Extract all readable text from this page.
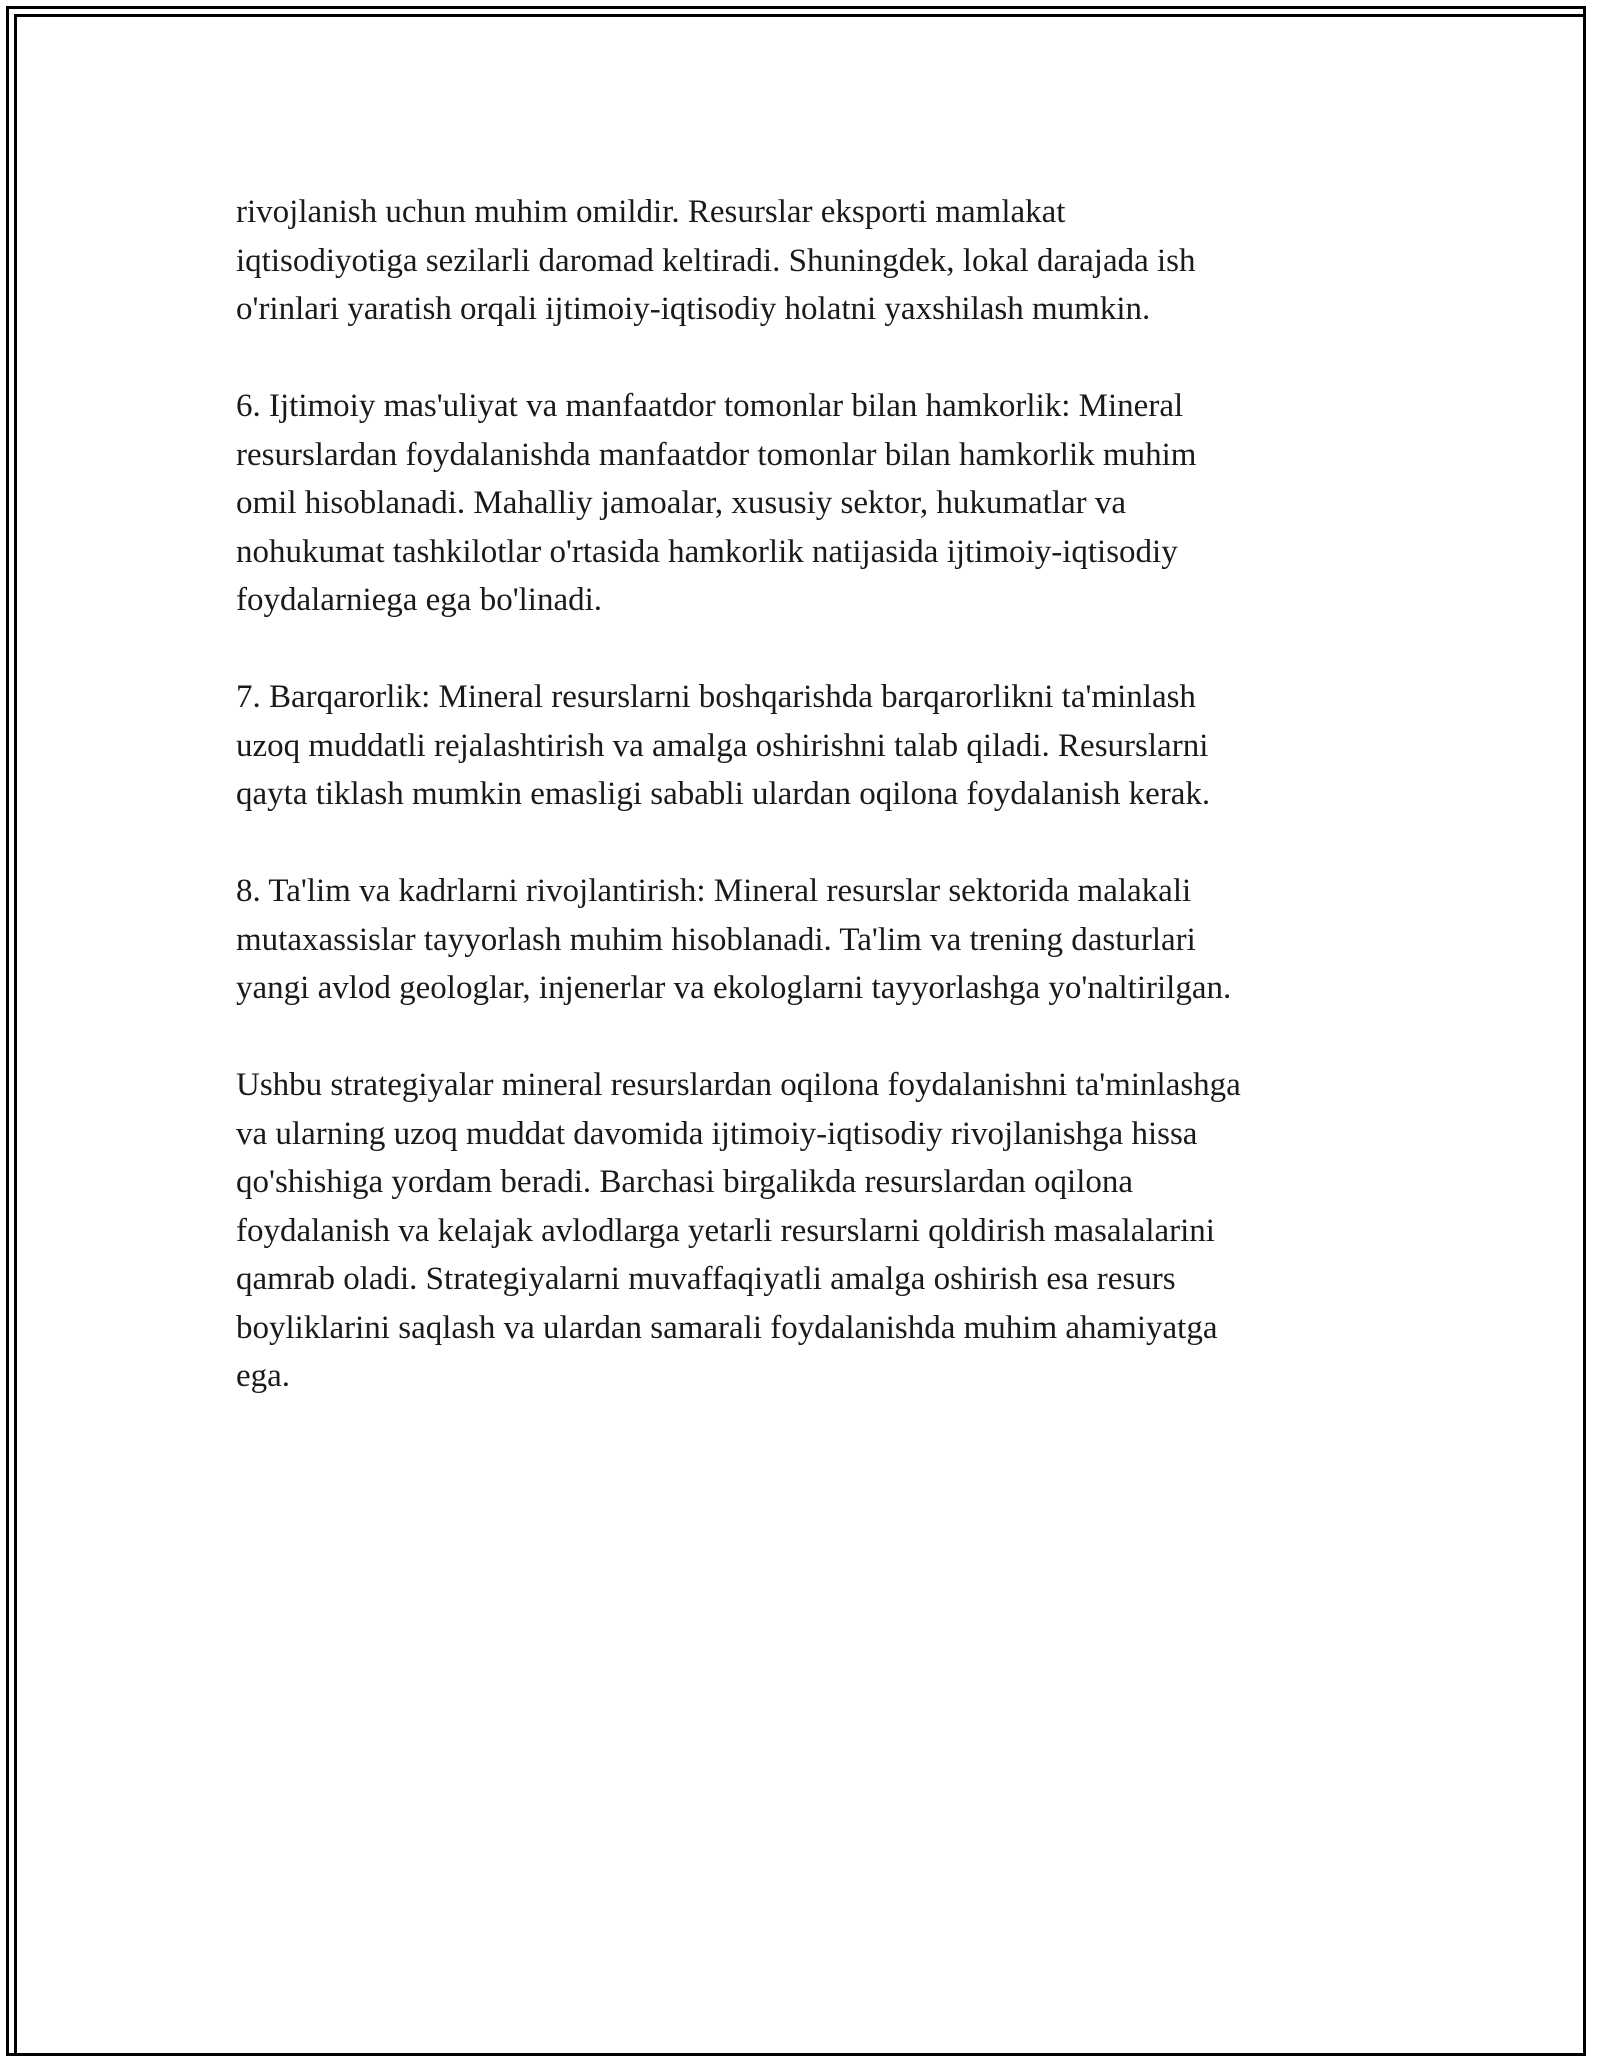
rivojlanish uchun muhim omildir. Resurslar eksporti mamlakat
iqtisodiyotiga sezilarli daromad keltiradi. Shuningdek, lokal darajada ish
o'rinlari yaratish orqali ijtimoiy-iqtisodiy holatni yaxshilash mumkin.

6. Ijtimoiy mas'uliyat va manfaatdor tomonlar bilan hamkorlik: Mineral
resurslardan foydalanishda manfaatdor tomonlar bilan hamkorlik muhim
omil hisoblanadi. Mahalliy jamoalar, xususiy sektor, hukumatlar va
nohukumat tashkilotlar o'rtasida hamkorlik natijasida ijtimoiy-iqtisodiy
foydalarniega ega bo'linadi.

7. Barqarorlik: Mineral resurslarni boshqarishda barqarorlikni ta'minlash
uzoq muddatli rejalashtirish va amalga oshirishni talab qiladi. Resurslarni
qayta tiklash mumkin emasligi sababli ulardan oqilona foydalanish kerak.

8. Ta'lim va kadrlarni rivojlantirish: Mineral resurslar sektorida malakali
mutaxassislar tayyorlash muhim hisoblanadi. Ta'lim va trening dasturlari
yangi avlod geologlar, injenerlar va ekologlarni tayyorlashga yo'naltirilgan.

Ushbu strategiyalar mineral resurslardan oqilona foydalanishni ta'minlashga
va ularning uzoq muddat davomida ijtimoiy-iqtisodiy rivojlanishga hissa
qo'shishiga yordam beradi. Barchasi birgalikda resurslardan oqilona
foydalanish va kelajak avlodlarga yetarli resurslarni qoldirish masalalarini
qamrab oladi. Strategiyalarni muvaffaqiyatli amalga oshirish esa resurs
boyliklarini saqlash va ulardan samarali foydalanishda muhim ahamiyatga
ega.
